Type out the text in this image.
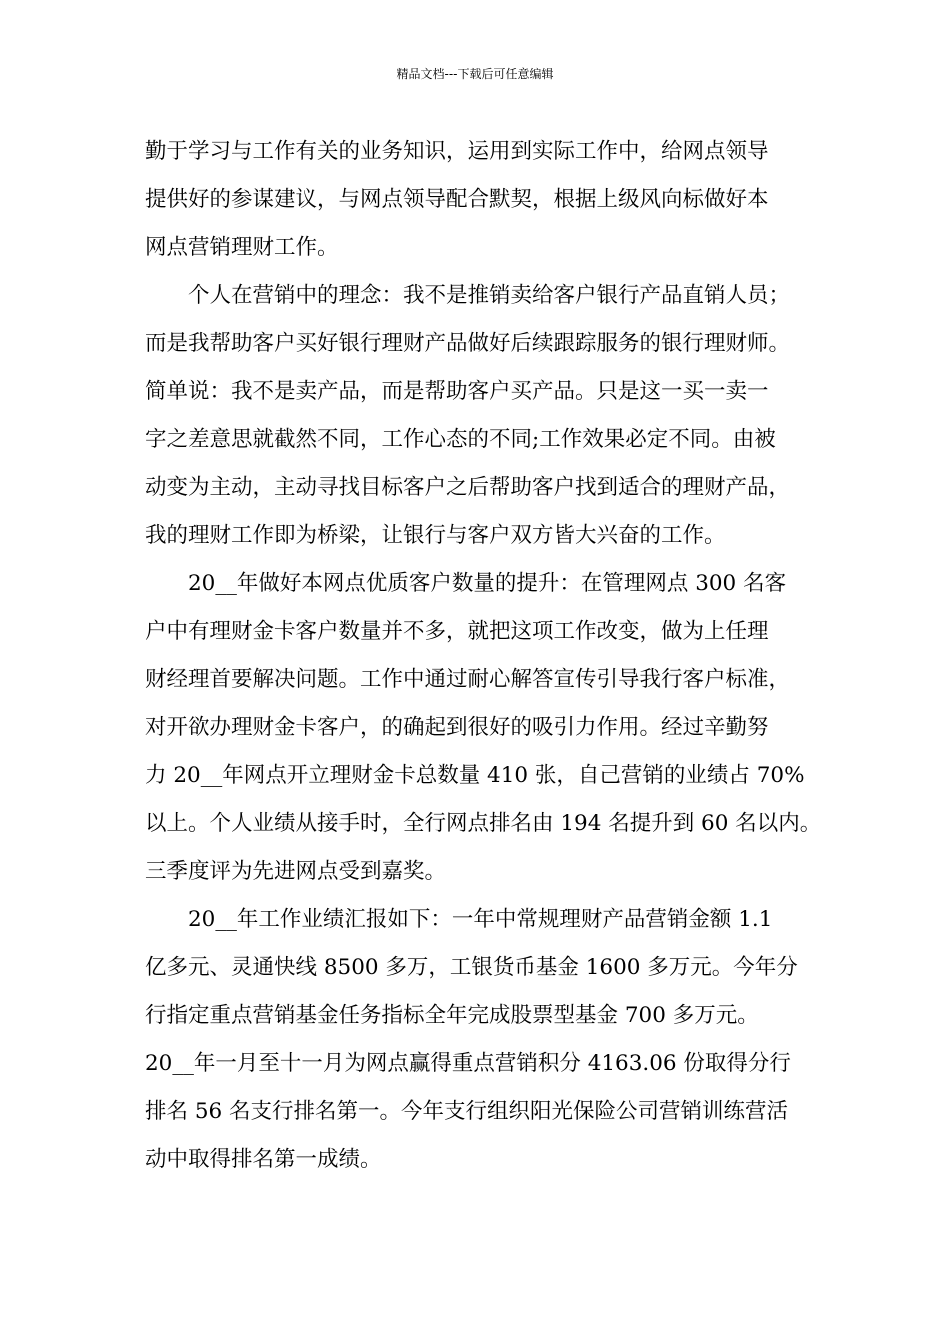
精品文档---下载后可任意编辑
勤于学习与工作有关的业务知识，运用到实际工作中，给网点领导
提供好的参谋建议，与网点领导配合默契，根据上级风向标做好本
网点营销理财工作。
　　个人在营销中的理念：我不是推销卖给客户银行产品直销人员；
而是我帮助客户买好银行理财产品做好后续跟踪服务的银行理财师。
简单说：我不是卖产品，而是帮助客户买产品。只是这一买一卖一
字之差意思就截然不同，工作心态的不同;工作效果必定不同。由被
动变为主动，主动寻找目标客户之后帮助客户找到适合的理财产品，
我的理财工作即为桥梁，让银行与客户双方皆大兴奋的工作。
　　20__年做好本网点优质客户数量的提升：在管理网点 300 名客
户中有理财金卡客户数量并不多，就把这项工作改变，做为上任理
财经理首要解决问题。工作中通过耐心解答宣传引导我行客户标准，
对开欲办理财金卡客户，的确起到很好的吸引力作用。经过辛勤努
力 20__年网点开立理财金卡总数量 410 张，自己营销的业绩占 70%
以上。个人业绩从接手时，全行网点排名由 194 名提升到 60 名以内。
三季度评为先进网点受到嘉奖。
　　20__年工作业绩汇报如下：一年中常规理财产品营销金额 1.1
亿多元、灵通快线 8500 多万，工银货币基金 1600 多万元。今年分
行指定重点营销基金任务指标全年完成股票型基金 700 多万元。
20__年一月至十一月为网点赢得重点营销积分 4163.06 份取得分行
排名 56 名支行排名第一。今年支行组织阳光保险公司营销训练营活
动中取得排名第一成绩。
